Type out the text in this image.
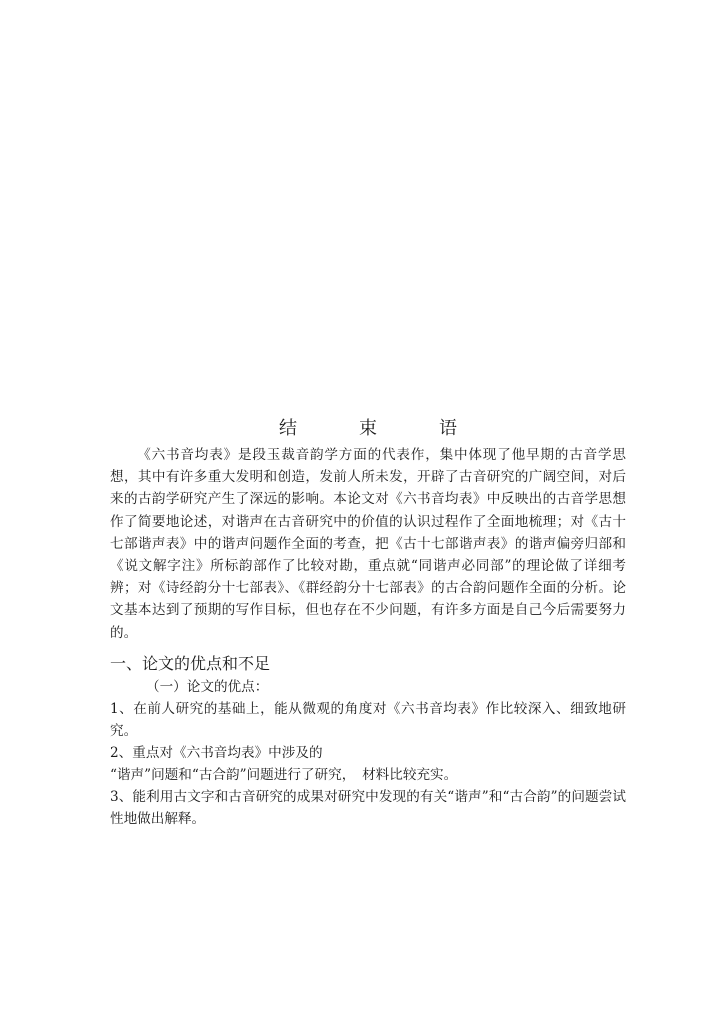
结　束　语

《六书音均表》是段玉裁音韵学方面的代表作，集中体现了他早期的古音学思想，其中有许多重大发明和创造，发前人所未发，开辟了古音研究的广阔空间，对后来的古韵学研究产生了深远的影响。本论文对《六书音均表》中反映出的古音学思想作了简要地论述，对谐声在古音研究中的价值的认识过程作了全面地梳理；对《古十七部谐声表》中的谐声问题作全面的考查，把《古十七部谐声表》的谐声偏旁归部和《说文解字注》所标韵部作了比较对勘，重点就“同谐声必同部”的理论做了详细考辨；对《诗经韵分十七部表》、《群经韵分十七部表》的古合韵问题作全面的分析。论文基本达到了预期的写作目标，但也存在不少问题，有许多方面是自己今后需要努力的。

一、论文的优点和不足
（一）论文的优点：

1、在前人研究的基础上，能从微观的角度对《六书音均表》作比较深入、细致地研究。

2、重点对《六书音均表》中涉及的

“谐声”问题和“古合韵”问题进行了研究，　材料比较充实。

3、能利用古文字和古音研究的成果对研究中发现的有关“谐声”和“古合韵”的问题尝试性地做出解释。
